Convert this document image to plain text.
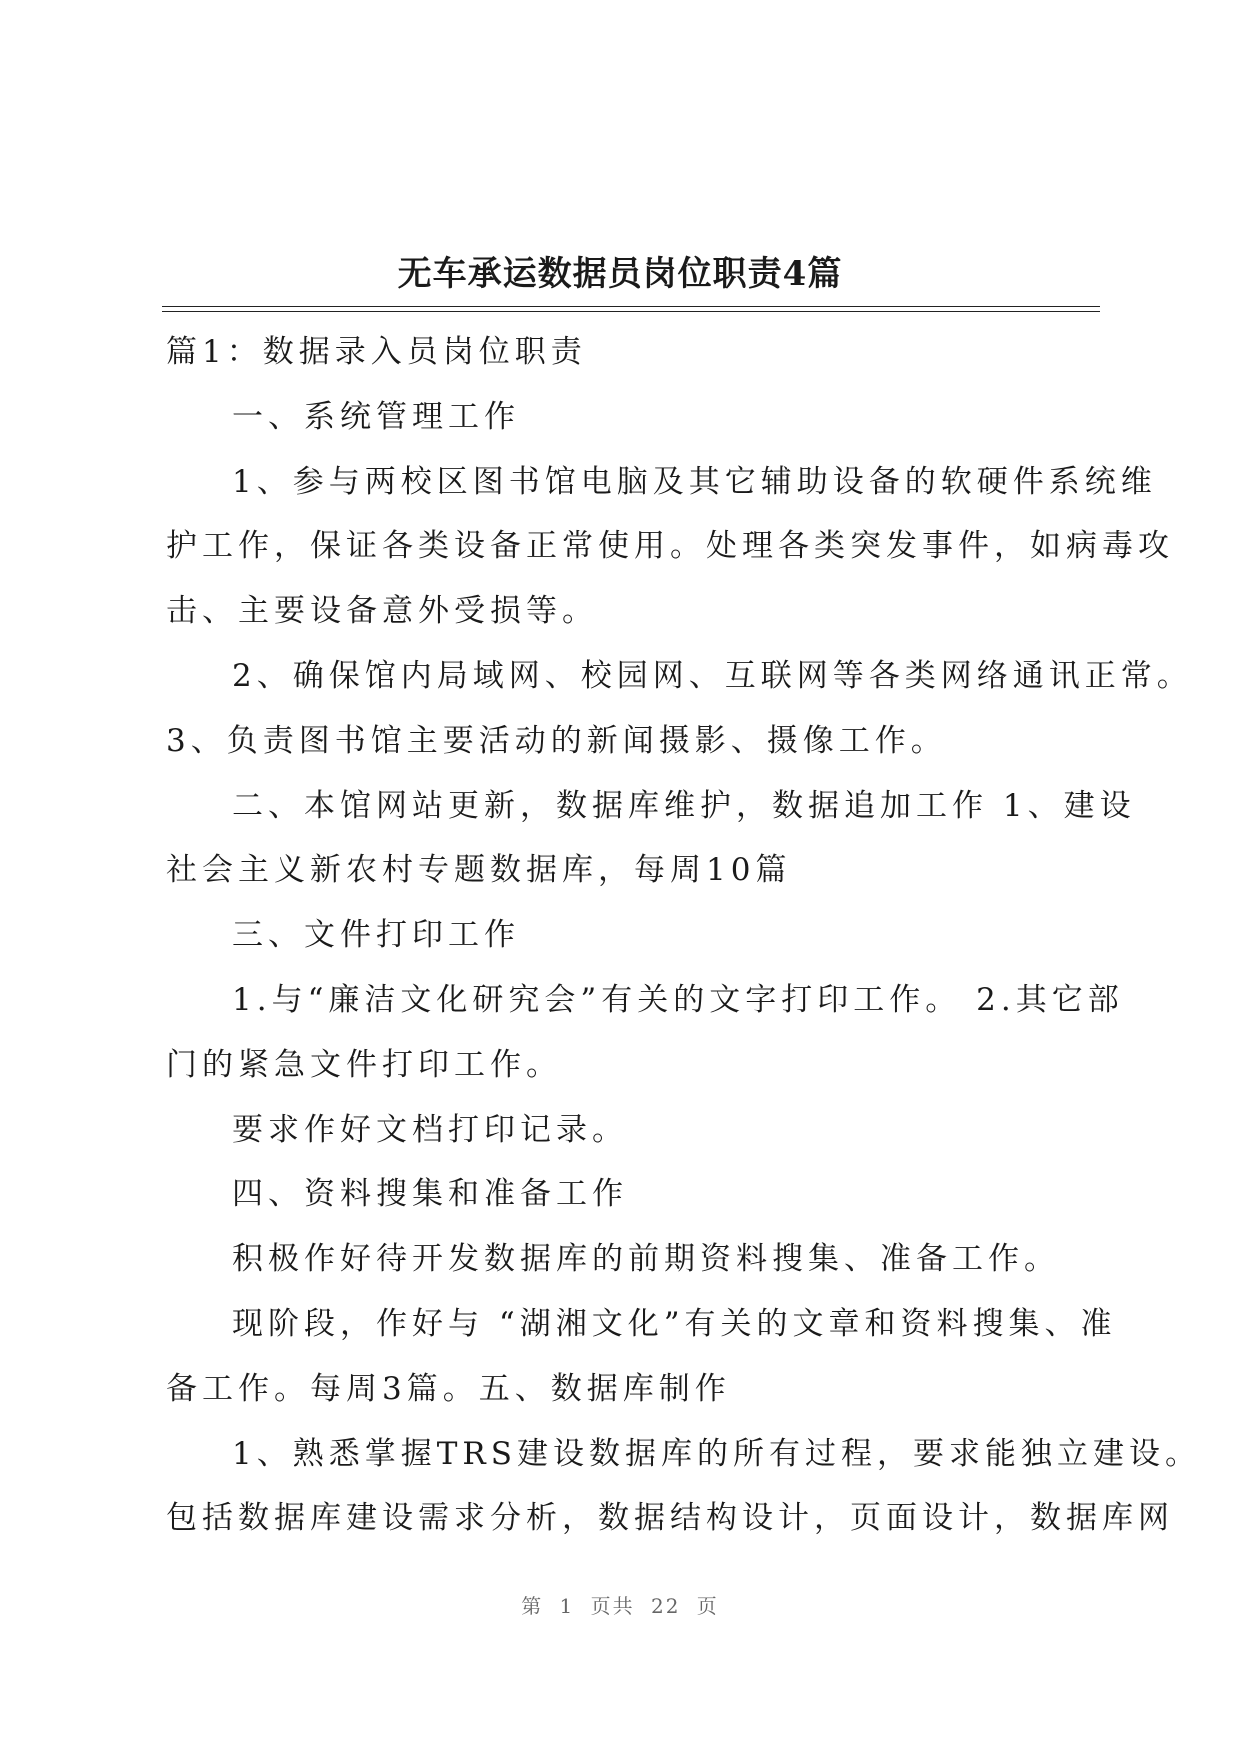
无车承运数据员岗位职责4篇

篇1：数据录入员岗位职责

一、系统管理工作

1、参与两校区图书馆电脑及其它辅助设备的软硬件系统维

护工作，保证各类设备正常使用。处理各类突发事件，如病毒攻

击、主要设备意外受损等。

2、确保馆内局域网、校园网、互联网等各类网络通讯正常。

3、负责图书馆主要活动的新闻摄影、摄像工作。

二、本馆网站更新，数据库维护，数据追加工作 1、建设

社会主义新农村专题数据库，每周10篇

三、文件打印工作

1.与“廉洁文化研究会”有关的文字打印工作。 2.其它部

门的紧急文件打印工作。

要求作好文档打印记录。

四、资料搜集和准备工作

积极作好待开发数据库的前期资料搜集、准备工作。

现阶段，作好与 “湖湘文化”有关的文章和资料搜集、准

备工作。每周3篇。五、数据库制作

1、熟悉掌握TRS建设数据库的所有过程，要求能独立建设。

包括数据库建设需求分析，数据结构设计，页面设计，数据库网

第 1 页共 22 页
